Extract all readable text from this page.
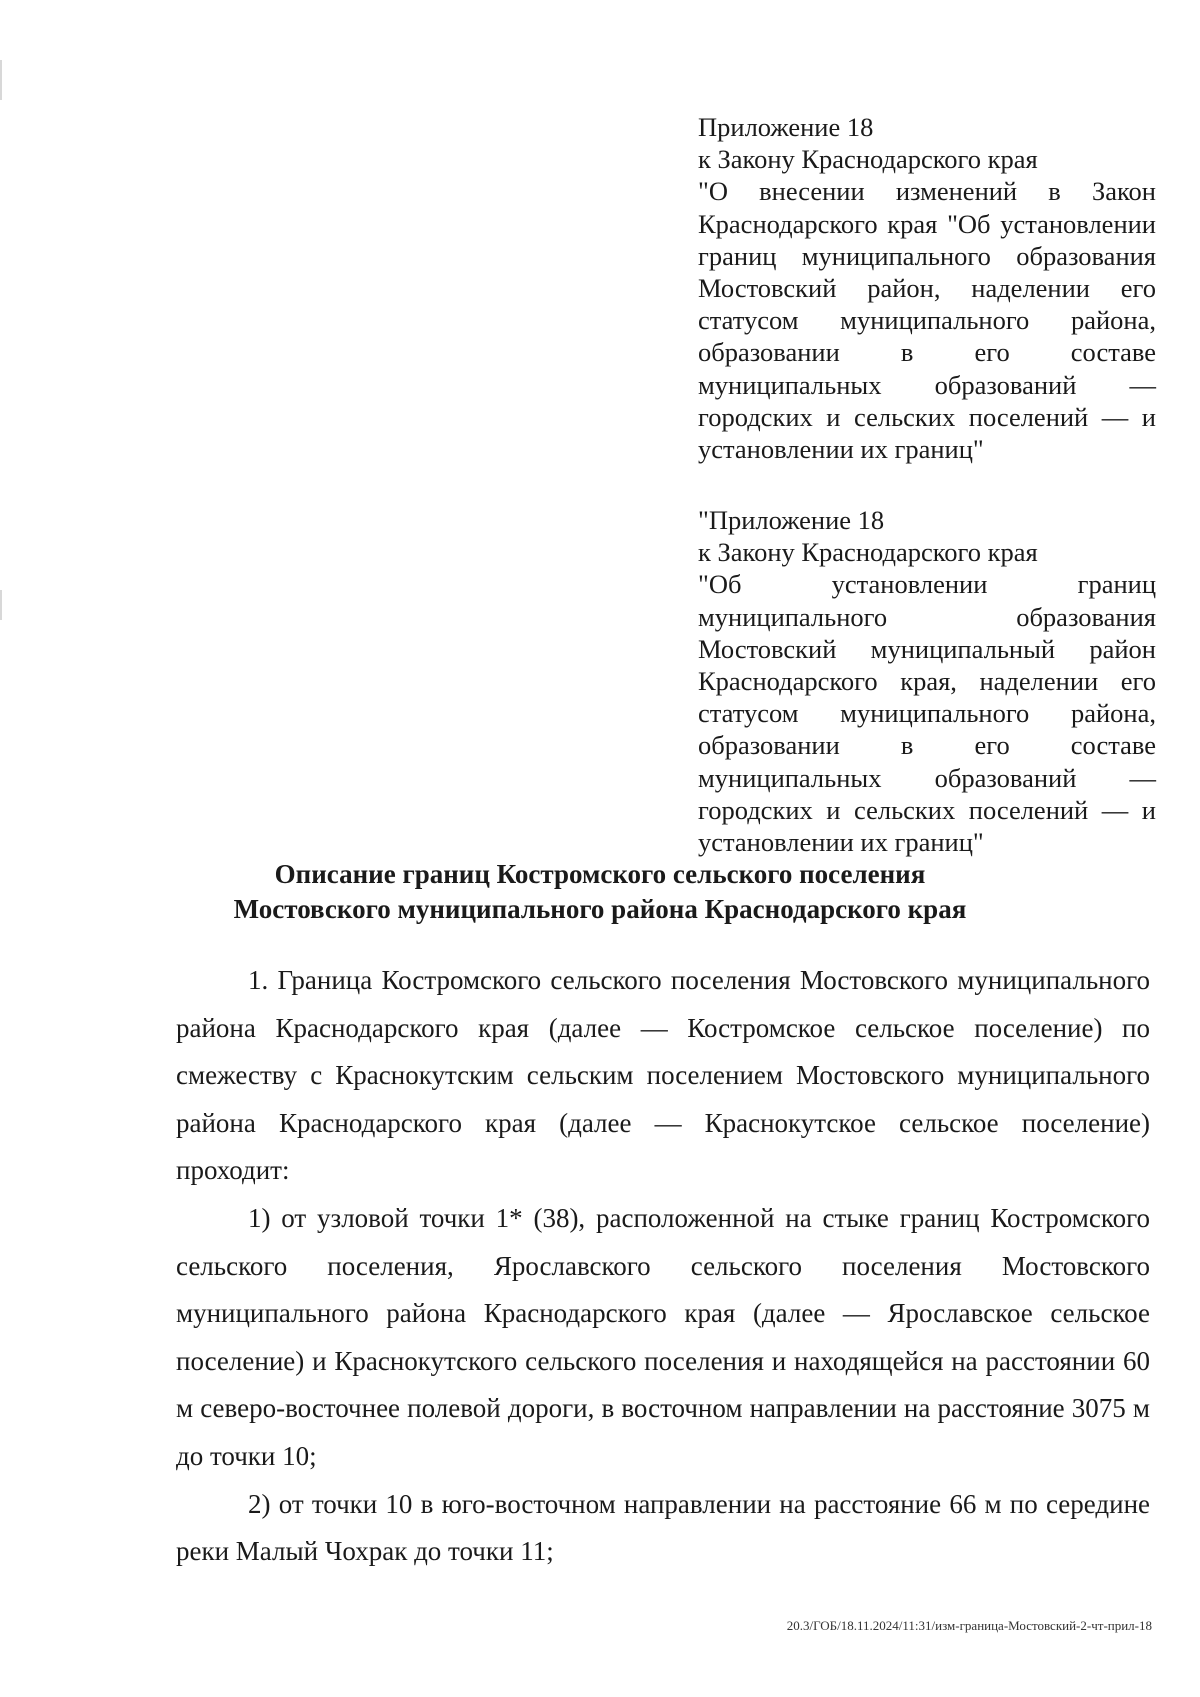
Приложение 18

к Закону Краснодарского края

"О внесении изменений в Закон Краснодарского края "Об установлении границ муниципального образования Мостовский район, наделении его статусом муниципального района, образовании в его составе муниципальных образований — городских и сельских поселений — и установлении их границ"

"Приложение 18

к Закону Краснодарского края

"Об установлении границ муниципального образования Мостовский муниципальный район Краснодарского края, наделении его статусом муниципального района, образовании в его составе муниципальных образований — городских и сельских поселений — и установлении их границ"

Описание границ Костромского сельского поселения
Мостовского муниципального района Краснодарского края

1. Граница Костромского сельского поселения Мостовского муниципального района Краснодарского края (далее — Костромское сельское поселение) по смежеству с Краснокутским сельским поселением Мостовского муниципального района Краснодарского края (далее — Краснокутское сельское поселение) проходит:

1) от узловой точки 1* (38), расположенной на стыке границ Костромского сельского поселения, Ярославского сельского поселения Мостовского муниципального района Краснодарского края (далее — Ярославское сельское поселение) и Краснокутского сельского поселения и находящейся на расстоянии 60 м северо-восточнее полевой дороги, в восточном направлении на расстояние 3075 м до точки 10;

2) от точки 10 в юго-восточном направлении на расстояние 66 м по середине реки Малый Чохрак до точки 11;

20.3/ГОБ/18.11.2024/11:31/изм-граница-Мостовский-2-чт-прил-18
